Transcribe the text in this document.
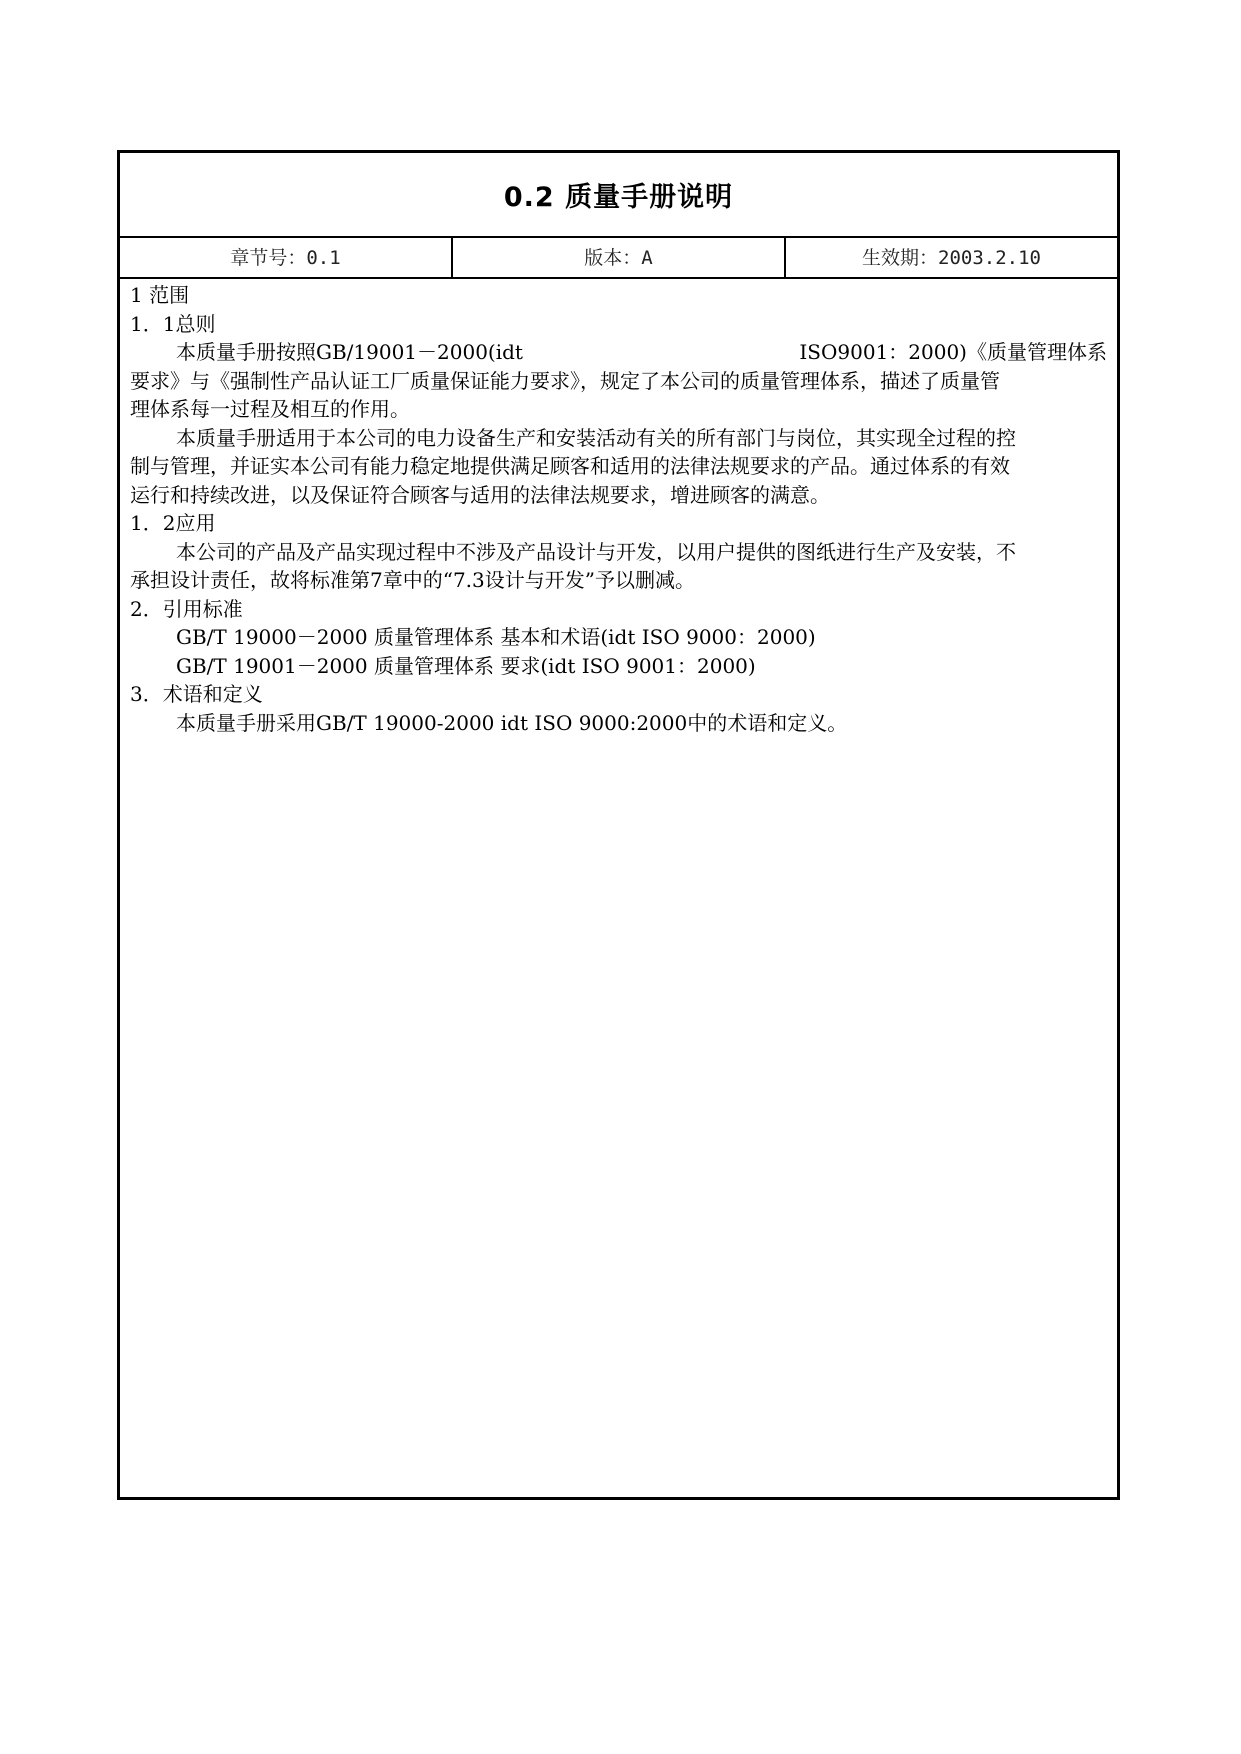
0.2 质量手册说明
章节号：0.1	版本：A	生效期：2003.2.10
1 范围
1．1总则
本质量手册按照GB/19001－2000(idt	ISO9001：2000)《质量管理体系
要求》与《强制性产品认证工厂质量保证能力要求》，规定了本公司的质量管理体系，描述了质量管
理体系每一过程及相互的作用。
本质量手册适用于本公司的电力设备生产和安装活动有关的所有部门与岗位，其实现全过程的控
制与管理，并证实本公司有能力稳定地提供满足顾客和适用的法律法规要求的产品。通过体系的有效
运行和持续改进，以及保证符合顾客与适用的法律法规要求，增进顾客的满意。
1．2应用
本公司的产品及产品实现过程中不涉及产品设计与开发，以用户提供的图纸进行生产及安装，不
承担设计责任，故将标准第7章中的“7.3设计与开发”予以删减。
2．引用标准
GB/T 19000－2000 质量管理体系 基本和术语(idt ISO 9000：2000)
GB/T 19001－2000 质量管理体系 要求(idt ISO 9001：2000)
3．术语和定义
本质量手册采用GB/T 19000-2000 idt ISO 9000:2000中的术语和定义。
